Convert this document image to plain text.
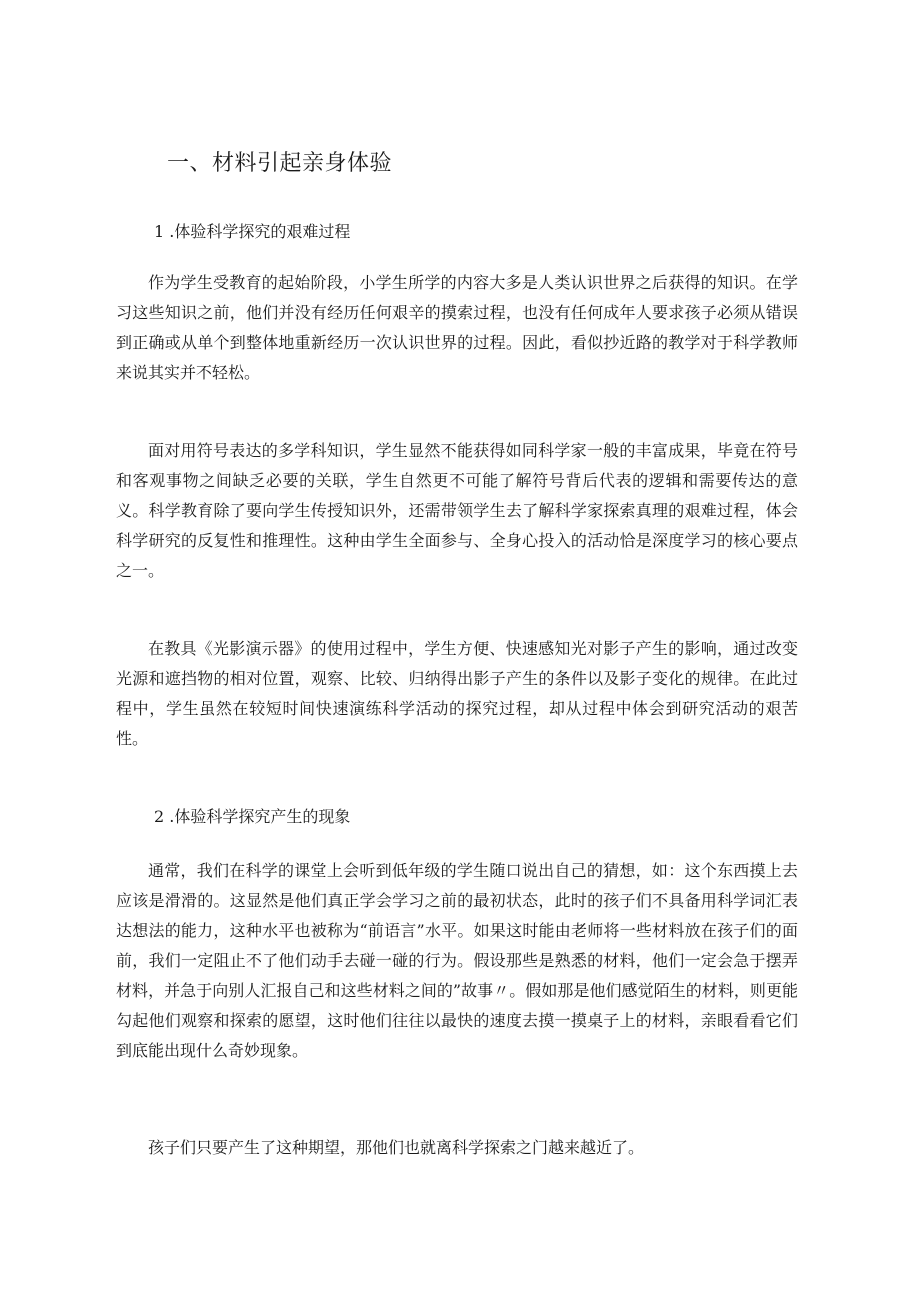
一、材料引起亲身体验
1 .体验科学探究的艰难过程

作为学生受教育的起始阶段，小学生所学的内容大多是人类认识世界之后获得的知识。在学习这些知识之前，他们并没有经历任何艰辛的摸索过程，也没有任何成年人要求孩子必须从错误到正确或从单个到整体地重新经历一次认识世界的过程。因此，看似抄近路的教学对于科学教师来说其实并不轻松。

面对用符号表达的多学科知识，学生显然不能获得如同科学家一般的丰富成果，毕竟在符号和客观事物之间缺乏必要的关联，学生自然更不可能了解符号背后代表的逻辑和需要传达的意义。科学教育除了要向学生传授知识外，还需带领学生去了解科学家探索真理的艰难过程，体会科学研究的反复性和推理性。这种由学生全面参与、全身心投入的活动恰是深度学习的核心要点之一。

在教具《光影演示器》的使用过程中，学生方便、快速感知光对影子产生的影响，通过改变光源和遮挡物的相对位置，观察、比较、归纳得出影子产生的条件以及影子变化的规律。在此过程中，学生虽然在较短时间快速演练科学活动的探究过程，却从过程中体会到研究活动的艰苦性。

2 .体验科学探究产生的现象

通常，我们在科学的课堂上会听到低年级的学生随口说出自己的猜想，如：这个东西摸上去应该是滑滑的。这显然是他们真正学会学习之前的最初状态，此时的孩子们不具备用科学词汇表达想法的能力，这种水平也被称为“前语言”水平。如果这时能由老师将一些材料放在孩子们的面前，我们一定阻止不了他们动手去碰一碰的行为。假设那些是熟悉的材料，他们一定会急于摆弄材料，并急于向别人汇报自己和这些材料之间的”故事〃。假如那是他们感觉陌生的材料，则更能勾起他们观察和探索的愿望，这时他们往往以最快的速度去摸一摸桌子上的材料，亲眼看看它们到底能出现什么奇妙现象。

孩子们只要产生了这种期望，那他们也就离科学探索之门越来越近了。
